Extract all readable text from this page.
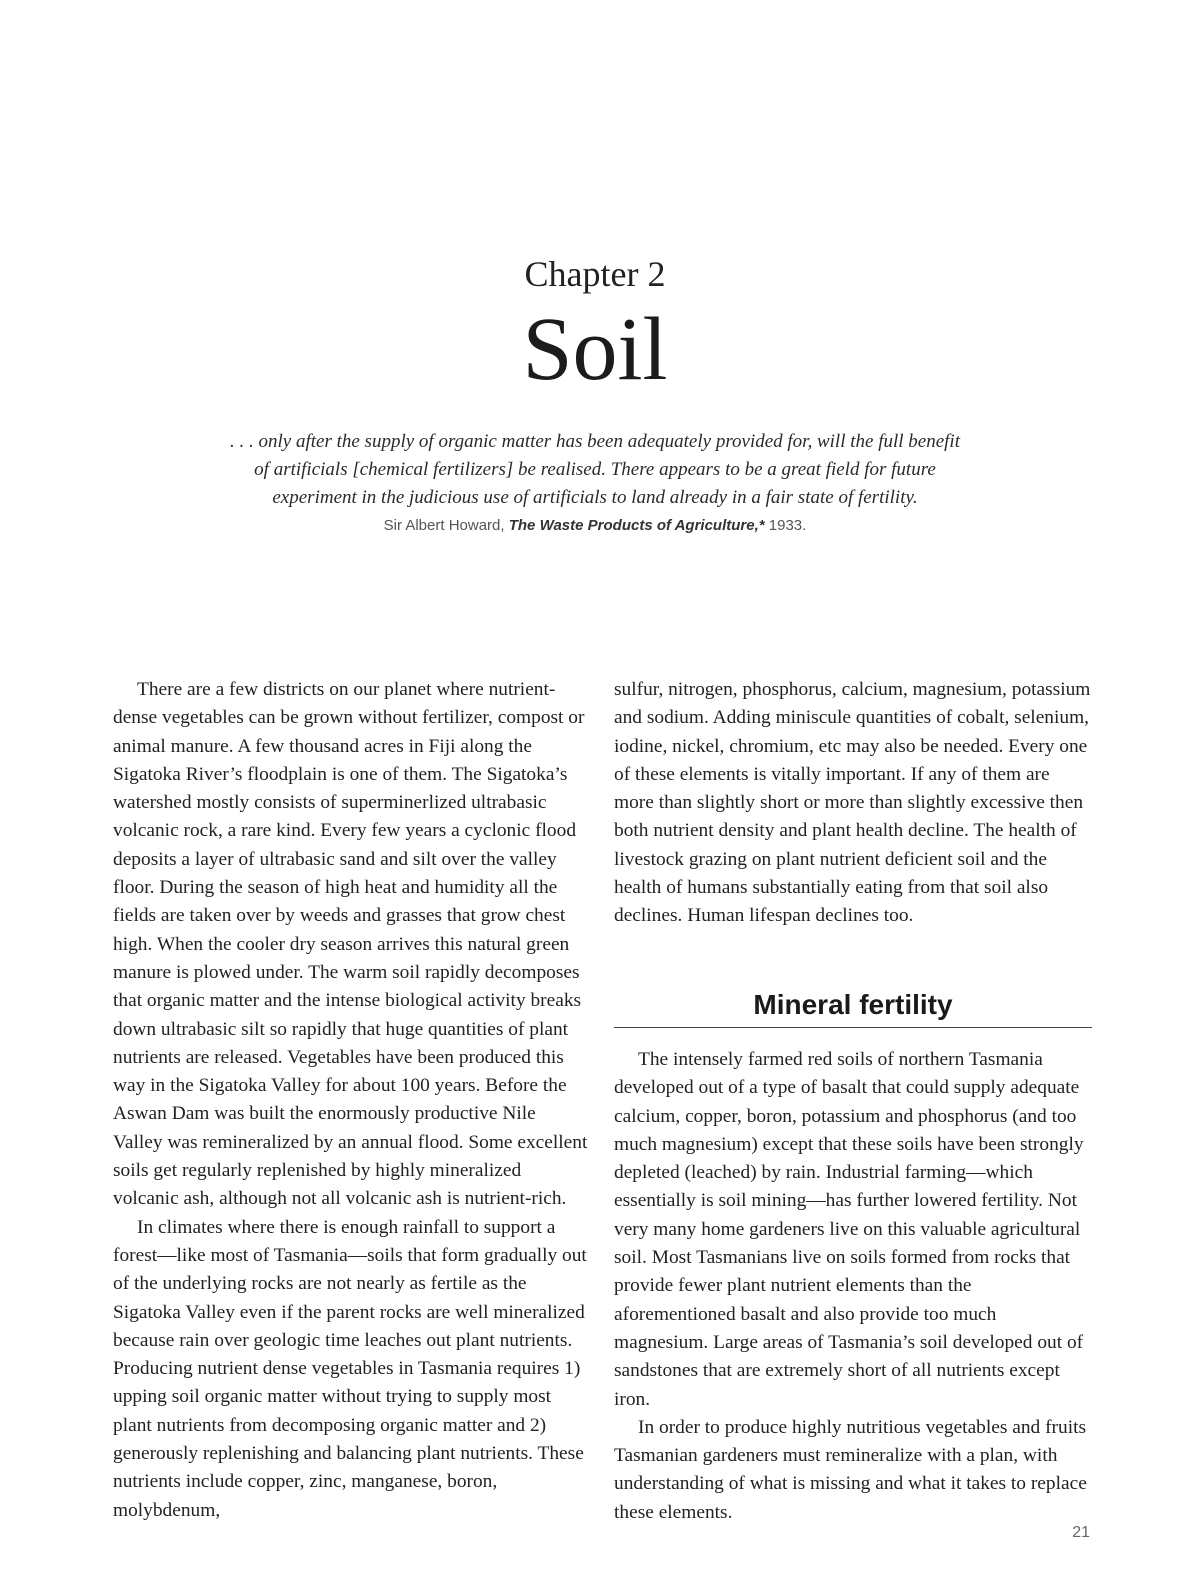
Chapter 2
Soil

. . . only after the supply of organic matter has been adequately provided for, will the full benefit of artificials [chemical fertilizers] be realised. There appears to be a great field for future experiment in the judicious use of artificials to land already in a fair state of fertility.

Sir Albert Howard, The Waste Products of Agriculture,* 1933.

There are a few districts on our planet where nutrient-dense vegetables can be grown without fertilizer, compost or animal manure. A few thousand acres in Fiji along the Sigatoka River’s floodplain is one of them. The Sigatoka’s watershed mostly consists of superminerlized ultrabasic volcanic rock, a rare kind. Every few years a cyclonic flood deposits a layer of ultrabasic sand and silt over the valley floor. During the season of high heat and humidity all the fields are taken over by weeds and grasses that grow chest high. When the cooler dry season arrives this natural green manure is plowed under. The warm soil rapidly decomposes that organic matter and the intense biological activity breaks down ultrabasic silt so rapidly that huge quantities of plant nutrients are released. Vegetables have been produced this way in the Sigatoka Valley for about 100 years. Before the Aswan Dam was built the enormously productive Nile Valley was remineralized by an annual flood. Some excellent soils get regularly replenished by highly mineralized volcanic ash, although not all volcanic ash is nutrient-rich.

In climates where there is enough rainfall to support a forest—like most of Tasmania—soils that form gradually out of the underlying rocks are not nearly as fertile as the Sigatoka Valley even if the parent rocks are well mineralized because rain over geologic time leaches out plant nutrients. Producing nutrient dense vegetables in Tasmania requires 1) upping soil organic matter without trying to supply most plant nutrients from decomposing organic matter and 2) generously replenishing and balancing plant nutrients. These nutrients include copper, zinc, manganese, boron, molybdenum,

sulfur, nitrogen, phosphorus, calcium, magnesium, potassium and sodium. Adding miniscule quantities of cobalt, selenium, iodine, nickel, chromium, etc may also be needed. Every one of these elements is vitally important. If any of them are more than slightly short or more than slightly excessive then both nutrient density and plant health decline. The health of livestock grazing on plant nutrient deficient soil and the health of humans substantially eating from that soil also declines. Human lifespan declines too.

Mineral fertility

The intensely farmed red soils of northern Tasmania developed out of a type of basalt that could supply adequate calcium, copper, boron, potassium and phosphorus (and too much magnesium) except that these soils have been strongly depleted (leached) by rain. Industrial farming—which essentially is soil mining—has further lowered fertility. Not very many home gardeners live on this valuable agricultural soil. Most Tasmanians live on soils formed from rocks that provide fewer plant nutrient elements than the aforementioned basalt and also provide too much magnesium. Large areas of Tasmania’s soil developed out of sandstones that are extremely short of all nutrients except iron.

In order to produce highly nutritious vegetables and fruits Tasmanian gardeners must remineralize with a plan, with understanding of what is missing and what it takes to replace these elements.

21
